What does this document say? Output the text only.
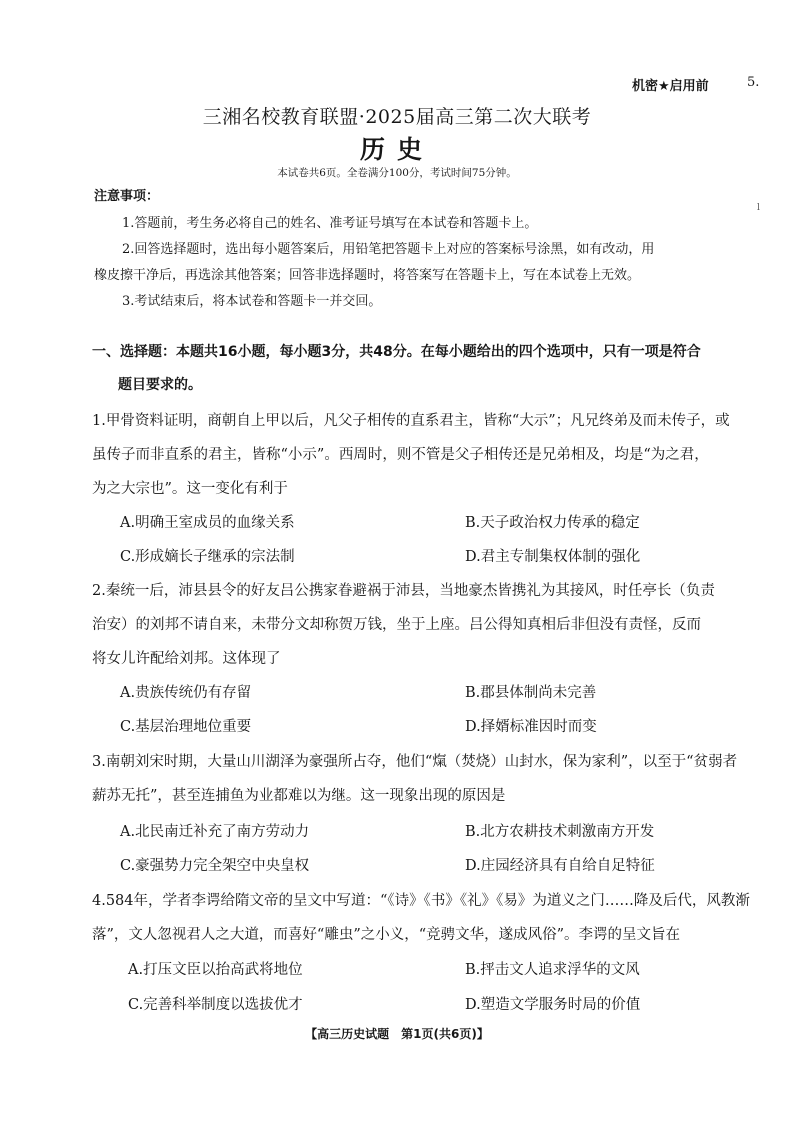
机密★启用前	5.
三湘名校教育联盟·2025届高三第二次大联考
历史
本试卷共6页。全卷满分100分，考试时间75分钟。
注意事项：
1.答题前，考生务必将自己的姓名、准考证号填写在本试卷和答题卡上。
2.回答选择题时，选出每小题答案后，用铅笔把答题卡上对应的答案标号涂黑，如有改动，用
橡皮擦干净后，再选涂其他答案；回答非选择题时，将答案写在答题卡上，写在本试卷上无效。
3.考试结束后，将本试卷和答题卡一并交回。
l
一、选择题：本题共16小题，每小题3分，共48分。在每小题给出的四个选项中，只有一项是符合
题目要求的。
1.甲骨资料证明，商朝自上甲以后，凡父子相传的直系君主，皆称“大示”；凡兄终弟及而未传子，或
虽传子而非直系的君主，皆称“小示”。西周时，则不管是父子相传还是兄弟相及，均是“为之君，
为之大宗也”。这一变化有利于
A.明确王室成员的血缘关系	B.天子政治权力传承的稳定
C.形成嫡长子继承的宗法制	D.君主专制集权体制的强化
2.秦统一后，沛县县令的好友吕公携家眷避祸于沛县，当地豪杰皆携礼为其接风，时任亭长（负责
治安）的刘邦不请自来，未带分文却称贺万钱，坐于上座。吕公得知真相后非但没有责怪，反而
将女儿许配给刘邦。这体现了
A.贵族传统仍有存留	B.郡县体制尚未完善
C.基层治理地位重要	D.择婿标准因时而变
3.南朝刘宋时期，大量山川湖泽为豪强所占夺，他们“熂（焚烧）山封水，保为家利”，以至于“贫弱者
薪苏无托”，甚至连捕鱼为业都难以为继。这一现象出现的原因是
A.北民南迁补充了南方劳动力	B.北方农耕技术刺激南方开发
C.豪强势力完全架空中央皇权	D.庄园经济具有自给自足特征
4.584年，学者李谔给隋文帝的呈文中写道：“《诗》《书》《礼》《易》为道义之门……降及后代，风教渐
落”，文人忽视君人之大道，而喜好“雕虫”之小义，“竞骋文华，遂成风俗”。李谔的呈文旨在
A.打压文臣以抬高武将地位	B.抨击文人追求浮华的文风
C.完善科举制度以选拔优才	D.塑造文学服务时局的价值
【高三历史试题　第1页(共6页)】
